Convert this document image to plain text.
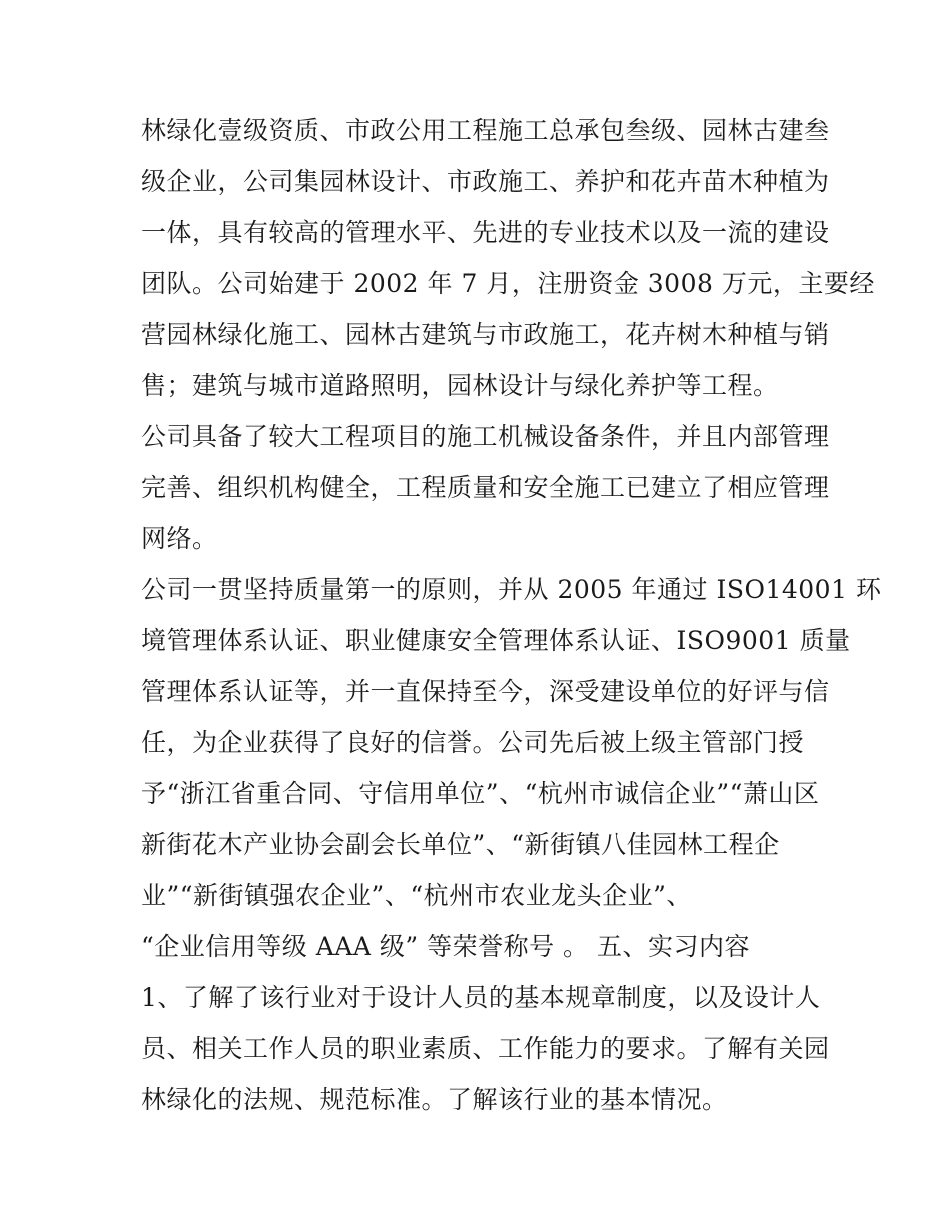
林绿化壹级资质、市政公用工程施工总承包叁级、园林古建叁
级企业，公司集园林设计、市政施工、养护和花卉苗木种植为
一体，具有较高的管理水平、先进的专业技术以及一流的建设
团队。公司始建于 2002 年 7 月，注册资金 3008 万元，主要经
营园林绿化施工、园林古建筑与市政施工，花卉树木种植与销
售；建筑与城市道路照明，园林设计与绿化养护等工程。
公司具备了较大工程项目的施工机械设备条件，并且内部管理
完善、组织机构健全，工程质量和安全施工已建立了相应管理
网络。
公司一贯坚持质量第一的原则，并从 2005 年通过 ISO14001 环
境管理体系认证、职业健康安全管理体系认证、ISO9001 质量
管理体系认证等，并一直保持至今，深受建设单位的好评与信
任，为企业获得了良好的信誉。公司先后被上级主管部门授
予“浙江省重合同、守信用单位”、“杭州市诚信企业”“萧山区
新街花木产业协会副会长单位”、“新街镇八佳园林工程企
业”“新街镇强农企业”、“杭州市农业龙头企业”、
“企业信用等级 AAA 级” 等荣誉称号 。 五、实习内容
1、了解了该行业对于设计人员的基本规章制度，以及设计人
员、相关工作人员的职业素质、工作能力的要求。了解有关园
林绿化的法规、规范标准。了解该行业的基本情况。
